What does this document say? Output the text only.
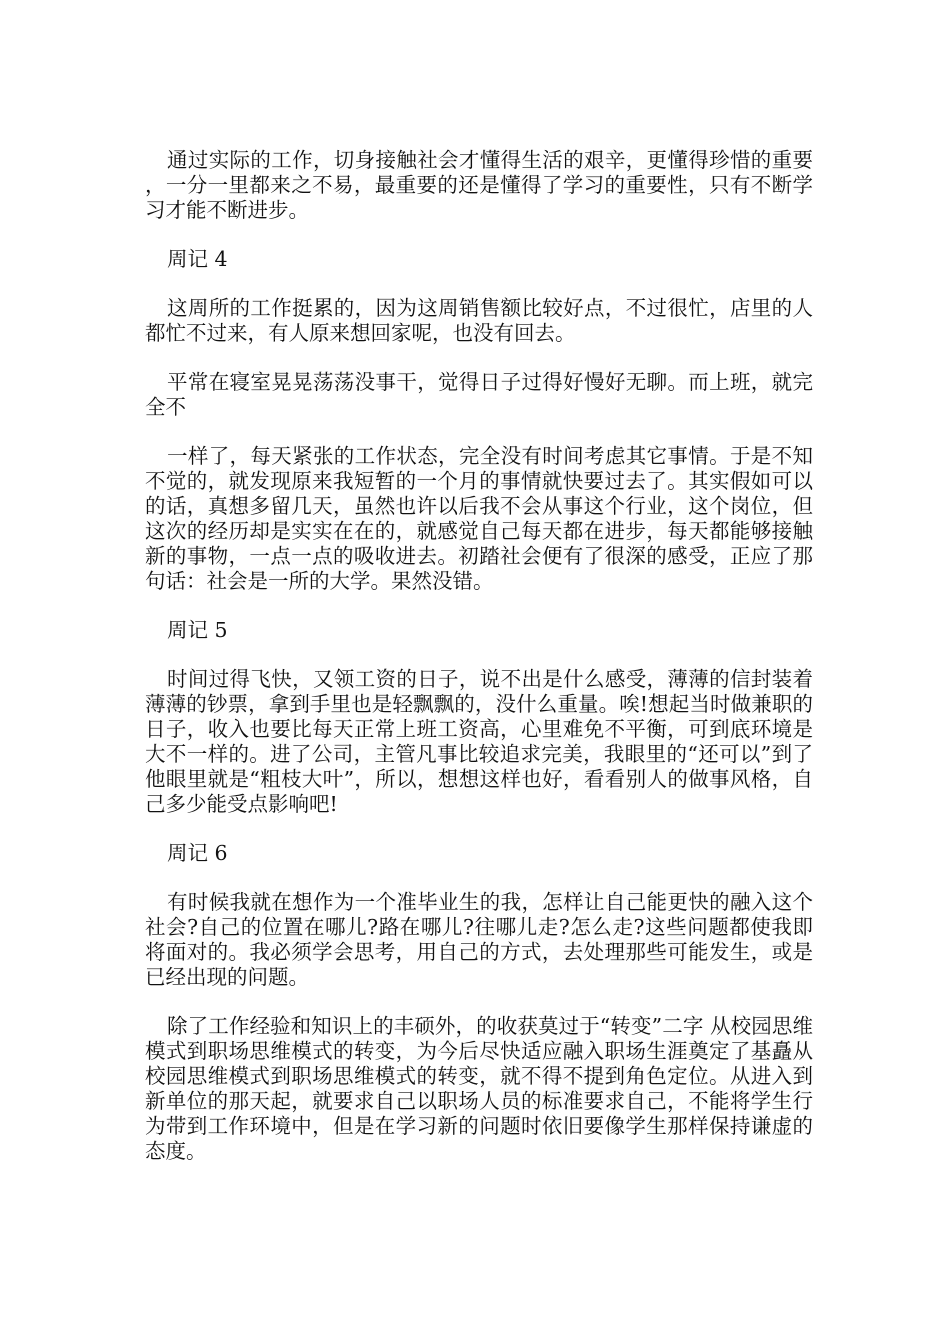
通过实际的工作，切身接触社会才懂得生活的艰辛，更懂得珍惜的重要，一分一里都来之不易，最重要的还是懂得了学习的重要性，只有不断学习才能不断进步。

周记 4

这周所的工作挺累的，因为这周销售额比较好点，不过很忙，店里的人都忙不过来，有人原来想回家呢，也没有回去。

平常在寝室晃晃荡荡没事干，觉得日子过得好慢好无聊。而上班，就完全不

一样了，每天紧张的工作状态，完全没有时间考虑其它事情。于是不知不觉的，就发现原来我短暂的一个月的事情就快要过去了。其实假如可以的话，真想多留几天，虽然也许以后我不会从事这个行业，这个岗位，但这次的经历却是实实在在的，就感觉自己每天都在进步，每天都能够接触新的事物，一点一点的吸收进去。初踏社会便有了很深的感受，正应了那句话：社会是一所的大学。果然没错。

周记 5

时间过得飞快，又领工资的日子，说不出是什么感受，薄薄的信封装着薄薄的钞票，拿到手里也是轻飘飘的，没什么重量。唉!想起当时做兼职的日子，收入也要比每天正常上班工资高，心里难免不平衡，可到底环境是大不一样的。进了公司，主管凡事比较追求完美，我眼里的“还可以”到了他眼里就是“粗枝大叶”，所以，想想这样也好，看看别人的做事风格，自己多少能受点影响吧!

周记 6

有时候我就在想作为一个准毕业生的我，怎样让自己能更快的融入这个社会?自己的位置在哪儿?路在哪儿?往哪儿走?怎么走?这些问题都使我即将面对的。我必须学会思考，用自己的方式，去处理那些可能发生，或是已经出现的问题。

除了工作经验和知识上的丰硕外，的收获莫过于“转变”二字 从校园思维模式到职场思维模式的转变，为今后尽快适应融入职场生涯奠定了基矗从校园思维模式到职场思维模式的转变，就不得不提到角色定位。从进入到新单位的那天起，就要求自己以职场人员的标准要求自己，不能将学生行为带到工作环境中，但是在学习新的问题时依旧要像学生那样保持谦虚的态度。
